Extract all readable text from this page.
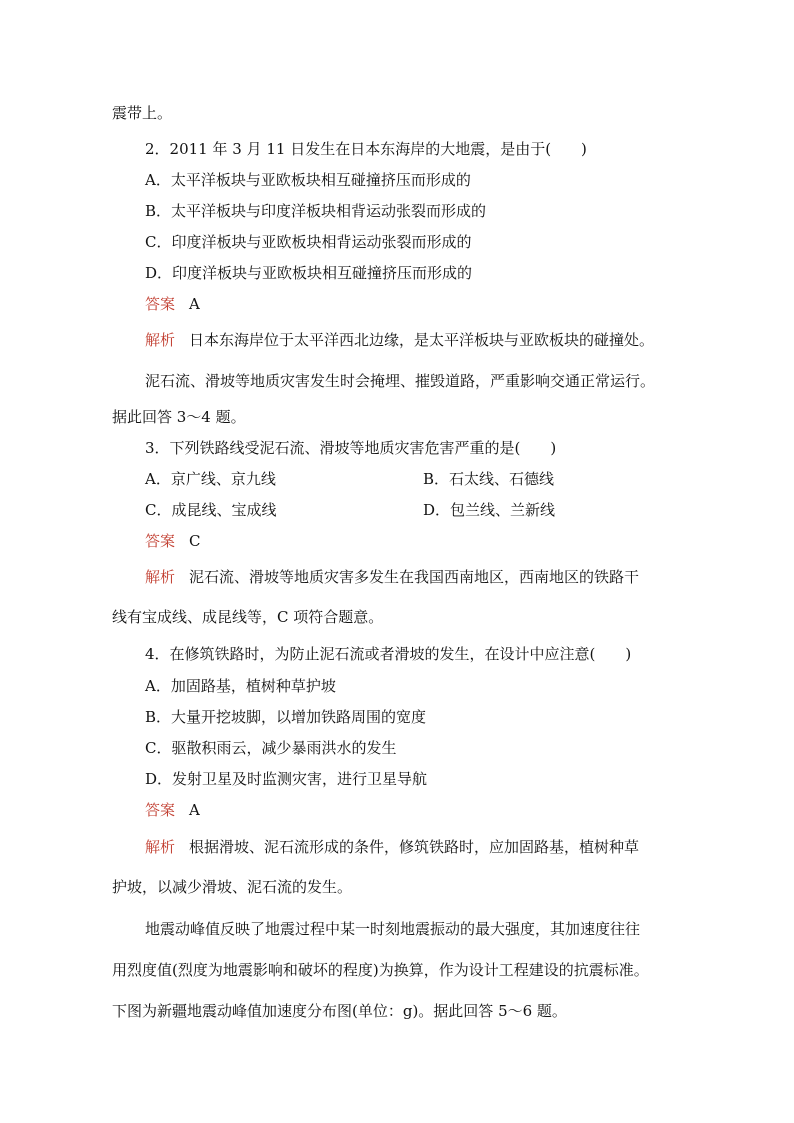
震带上。
2．2011 年 3 月 11 日发生在日本东海岸的大地震，是由于(　　)
A．太平洋板块与亚欧板块相互碰撞挤压而形成的
B．太平洋板块与印度洋板块相背运动张裂而形成的
C．印度洋板块与亚欧板块相背运动张裂而形成的
D．印度洋板块与亚欧板块相互碰撞挤压而形成的
答案 A
解析 日本东海岸位于太平洋西北边缘，是太平洋板块与亚欧板块的碰撞处。
泥石流、滑坡等地质灾害发生时会掩埋、摧毁道路，严重影响交通正常运行。
据此回答 3～4 题。
3．下列铁路线受泥石流、滑坡等地质灾害危害严重的是(　　)
A．京广线、京九线	B．石太线、石德线
C．成昆线、宝成线	D．包兰线、兰新线
答案 C
解析 泥石流、滑坡等地质灾害多发生在我国西南地区，西南地区的铁路干
线有宝成线、成昆线等，C 项符合题意。
4．在修筑铁路时，为防止泥石流或者滑坡的发生，在设计中应注意(　　)
A．加固路基，植树种草护坡
B．大量开挖坡脚，以增加铁路周围的宽度
C．驱散积雨云，减少暴雨洪水的发生
D．发射卫星及时监测灾害，进行卫星导航
答案 A
解析 根据滑坡、泥石流形成的条件，修筑铁路时，应加固路基，植树种草
护坡，以减少滑坡、泥石流的发生。
地震动峰值反映了地震过程中某一时刻地震振动的最大强度，其加速度往往
用烈度值(烈度为地震影响和破坏的程度)为换算，作为设计工程建设的抗震标准。
下图为新疆地震动峰值加速度分布图(单位：g)。据此回答 5～6 题。
